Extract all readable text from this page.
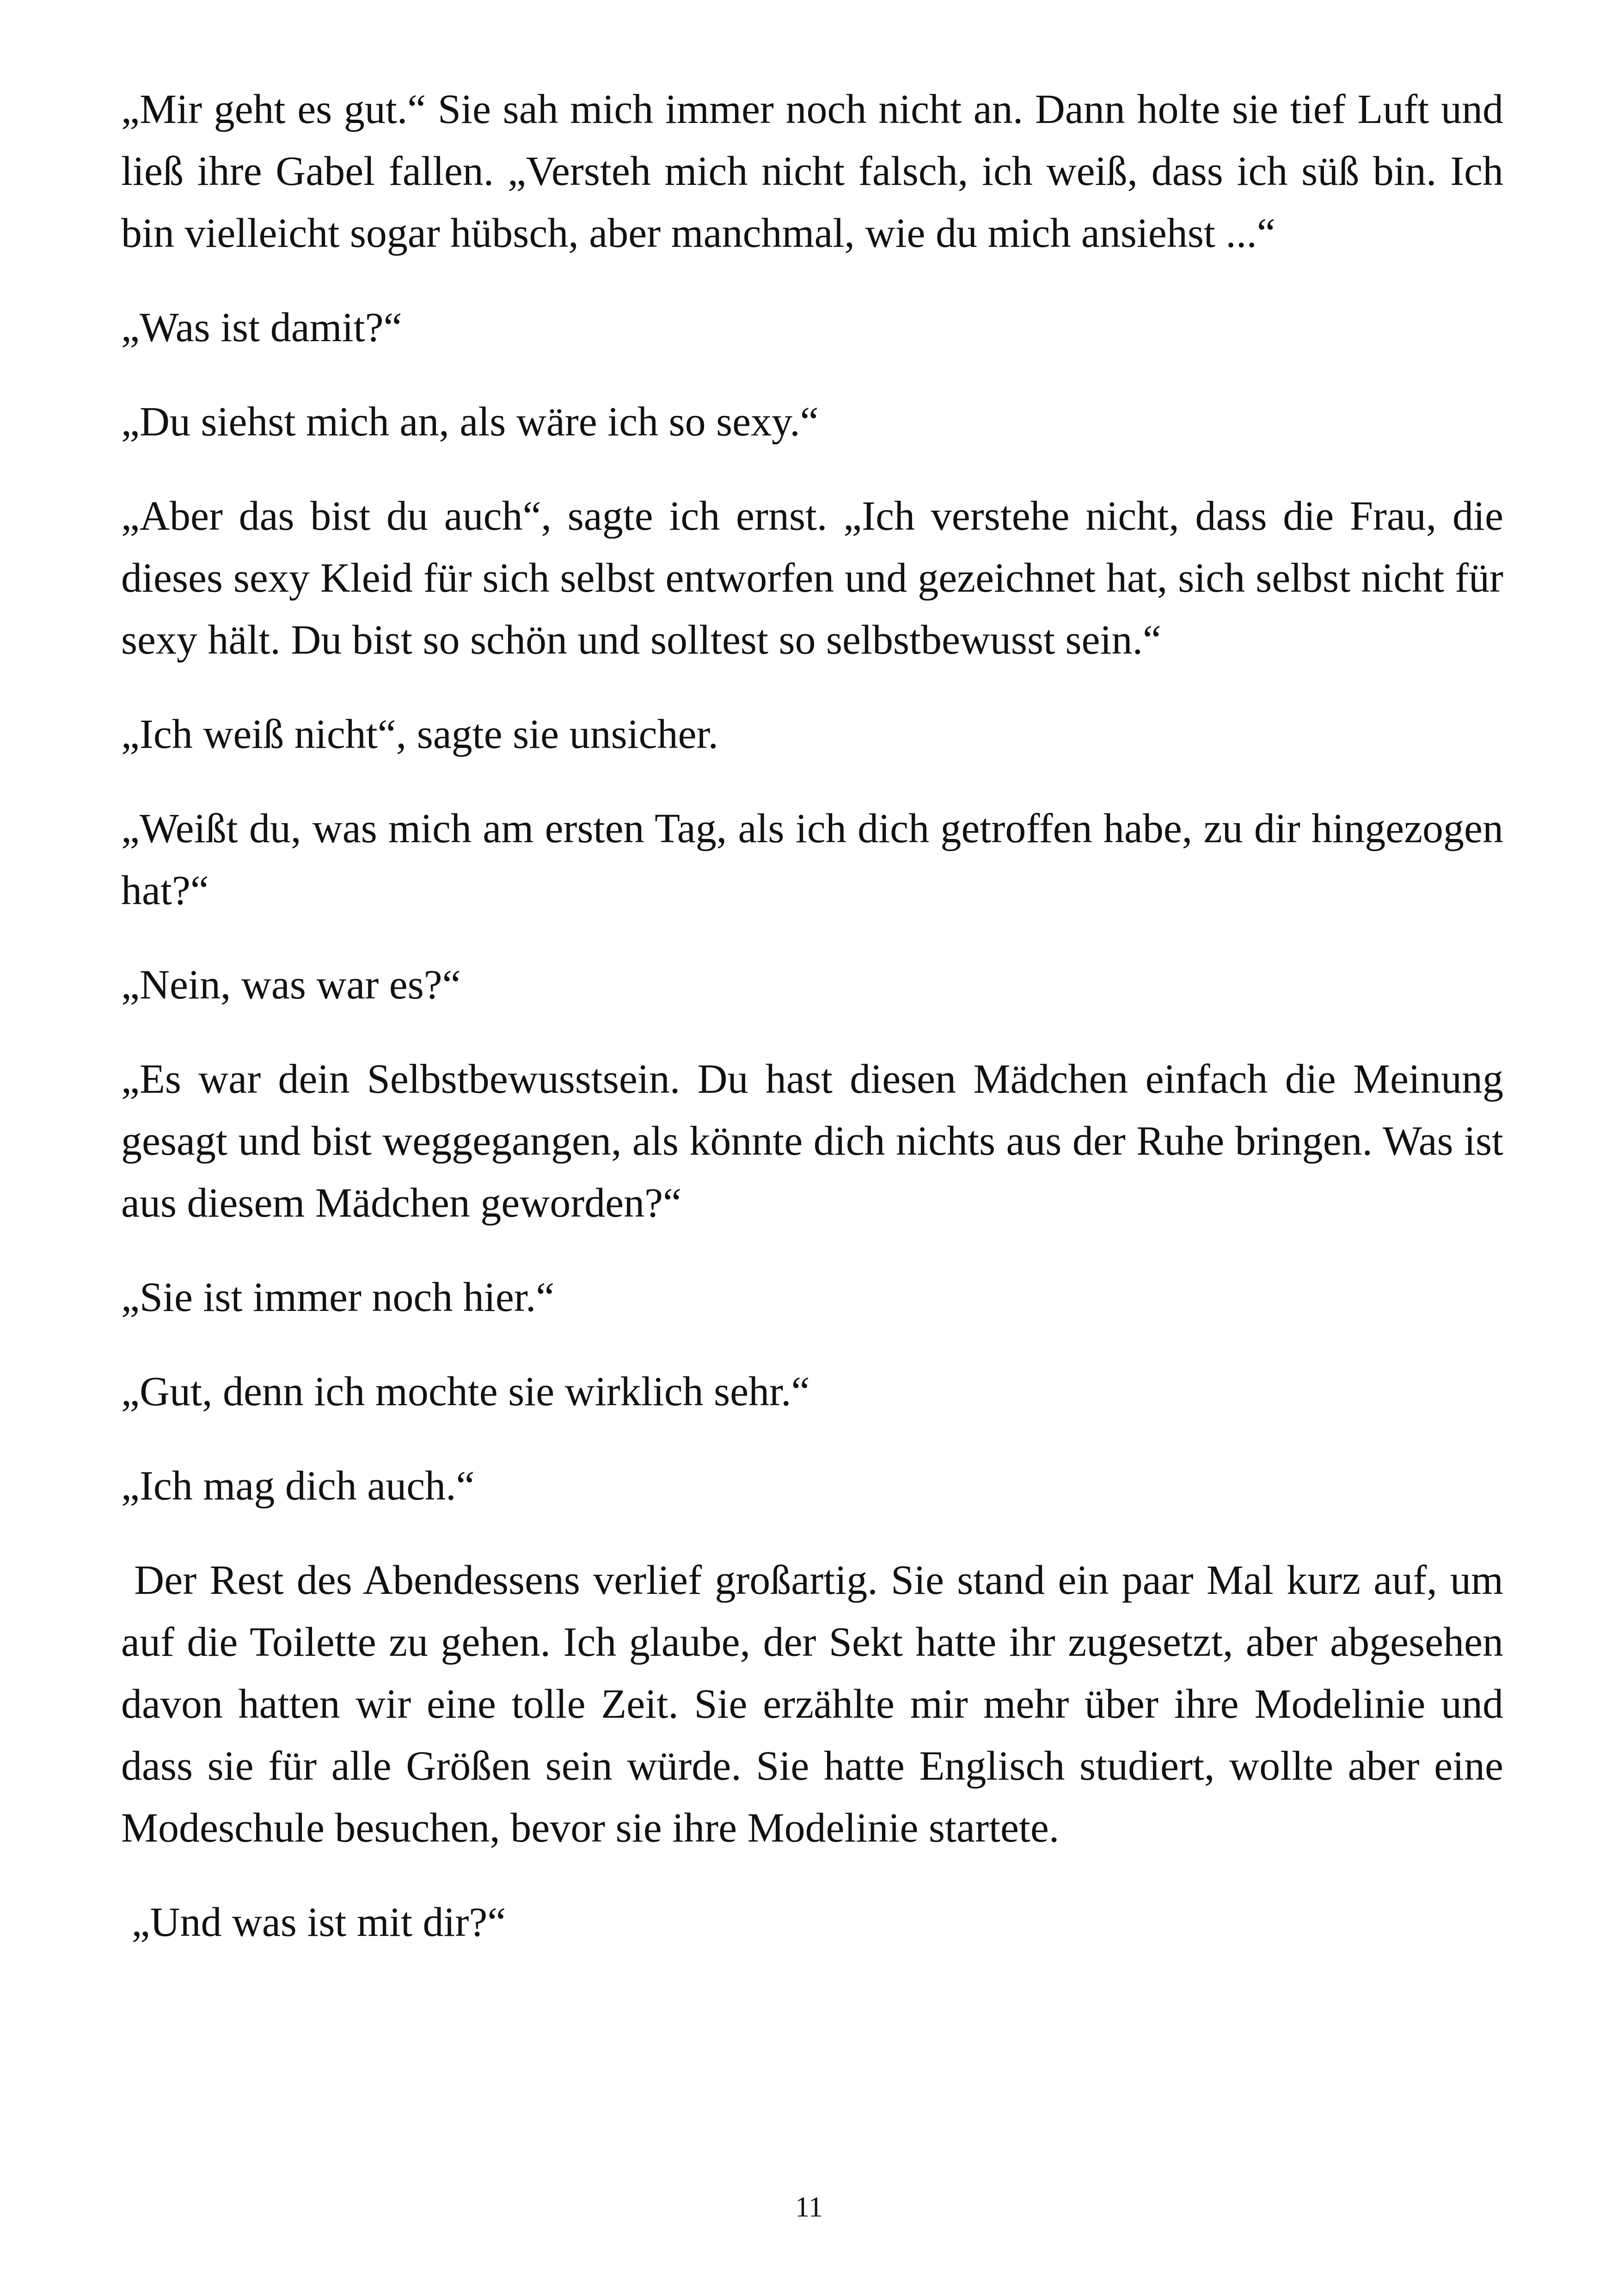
„Mir geht es gut.“ Sie sah mich immer noch nicht an. Dann holte sie tief Luft und ließ ihre Gabel fallen. „Versteh mich nicht falsch, ich weiß, dass ich süß bin. Ich bin vielleicht sogar hübsch, aber manchmal, wie du mich ansiehst ...“

„Was ist damit?“

„Du siehst mich an, als wäre ich so sexy.“

„Aber das bist du auch“, sagte ich ernst. „Ich verstehe nicht, dass die Frau, die dieses sexy Kleid für sich selbst entworfen und gezeichnet hat, sich selbst nicht für sexy hält. Du bist so schön und solltest so selbstbewusst sein.“

„Ich weiß nicht“, sagte sie unsicher.

„Weißt du, was mich am ersten Tag, als ich dich getroffen habe, zu dir hingezogen hat?“

„Nein, was war es?“

„Es war dein Selbstbewusstsein. Du hast diesen Mädchen einfach die Meinung gesagt und bist weggegangen, als könnte dich nichts aus der Ruhe bringen. Was ist aus diesem Mädchen geworden?“

„Sie ist immer noch hier.“

„Gut, denn ich mochte sie wirklich sehr.“

„Ich mag dich auch.“

Der Rest des Abendessens verlief großartig. Sie stand ein paar Mal kurz auf, um auf die Toilette zu gehen. Ich glaube, der Sekt hatte ihr zugesetzt, aber abgesehen davon hatten wir eine tolle Zeit. Sie erzählte mir mehr über ihre Modelinie und dass sie für alle Größen sein würde. Sie hatte Englisch studiert, wollte aber eine Modeschule besuchen, bevor sie ihre Modelinie startete.

„Und was ist mit dir?“

11
